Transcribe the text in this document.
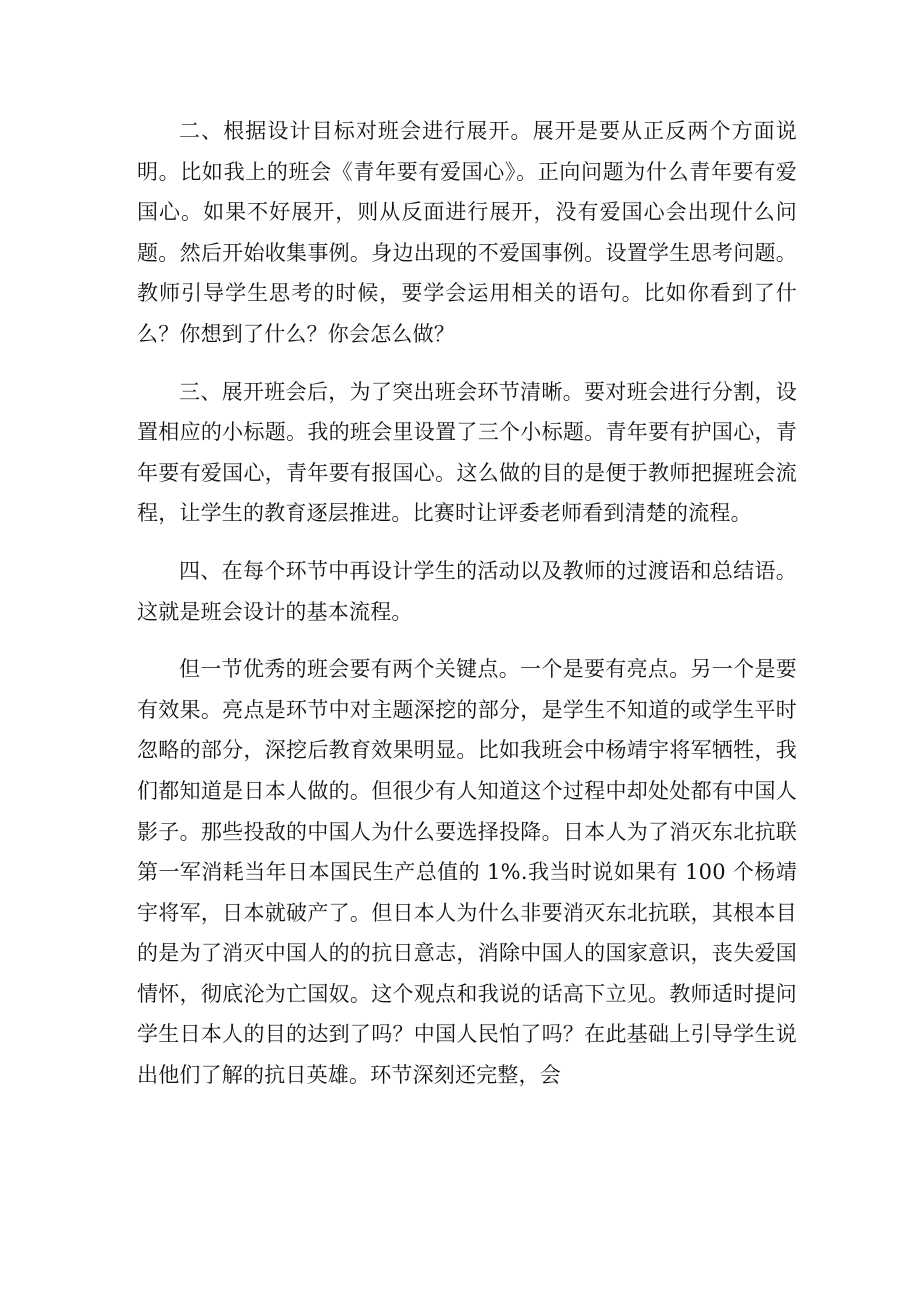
二、根据设计目标对班会进行展开。展开是要从正反两个方面说明。比如我上的班会《青年要有爱国心》。正向问题为什么青年要有爱国心。如果不好展开，则从反面进行展开，没有爱国心会出现什么问题。然后开始收集事例。身边出现的不爱国事例。设置学生思考问题。教师引导学生思考的时候，要学会运用相关的语句。比如你看到了什么？你想到了什么？你会怎么做？

三、展开班会后，为了突出班会环节清晰。要对班会进行分割，设置相应的小标题。我的班会里设置了三个小标题。青年要有护国心，青年要有爱国心，青年要有报国心。这么做的目的是便于教师把握班会流程，让学生的教育逐层推进。比赛时让评委老师看到清楚的流程。

四、在每个环节中再设计学生的活动以及教师的过渡语和总结语。这就是班会设计的基本流程。

但一节优秀的班会要有两个关键点。一个是要有亮点。另一个是要有效果。亮点是环节中对主题深挖的部分，是学生不知道的或学生平时忽略的部分，深挖后教育效果明显。比如我班会中杨靖宇将军牺牲，我们都知道是日本人做的。但很少有人知道这个过程中却处处都有中国人影子。那些投敌的中国人为什么要选择投降。日本人为了消灭东北抗联第一军消耗当年日本国民生产总值的 1%.我当时说如果有 100 个杨靖宇将军，日本就破产了。但日本人为什么非要消灭东北抗联，其根本目的是为了消灭中国人的的抗日意志，消除中国人的国家意识，丧失爱国情怀，彻底沦为亡国奴。这个观点和我说的话高下立见。教师适时提问学生日本人的目的达到了吗？中国人民怕了吗？在此基础上引导学生说出他们了解的抗日英雄。环节深刻还完整，会
